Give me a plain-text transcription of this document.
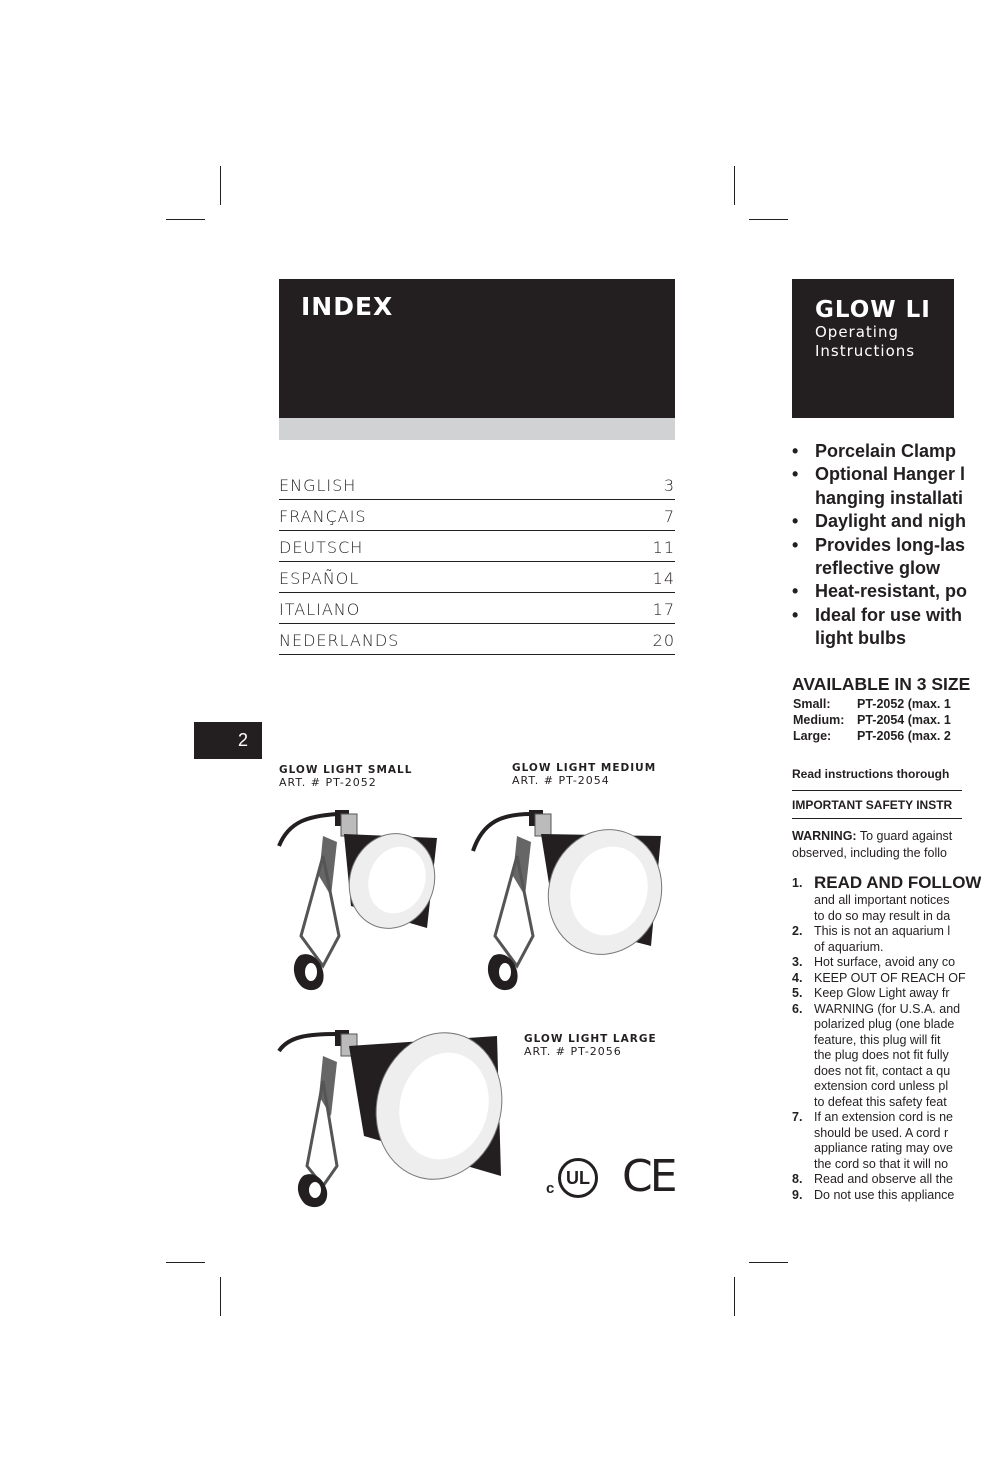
INDEX
ENGLISH	3
FRANÇAIS	7
DEUTSCH	11
ESPAÑOL	14
ITALIANO	17
NEDERLANDS	20
2
GLOW LIGHT SMALL
ART. # PT-2052
GLOW LIGHT MEDIUM
ART. # PT-2054
GLOW LIGHT LARGE
ART. # PT-2056
c
UL CE
GLOW LI
Operating
Instructions
• Porcelain Clamp
• Optional Hanger l
hanging installati
• Daylight and nigh
• Provides long-las
reflective glow
• Heat-resistant, po
• Ideal for use with
light bulbs
AVAILABLE IN 3 SIZE
Small: PT-2052 (max. 1
Medium: PT-2054 (max. 1
Large: PT-2056 (max. 2
Read instructions thorough
IMPORTANT SAFETY INSTR
WARNING: To guard against
observed, including the follo
1. READ AND FOLLOW
and all important notices
to do so may result in da
2. This is not an aquarium l
of aquarium.
3. Hot surface, avoid any co
4. KEEP OUT OF REACH OF
5. Keep Glow Light away fr
6. WARNING (for U.S.A. and
polarized plug (one blade
feature, this plug will fit
the plug does not fit fully
does not fit, contact a qu
extension cord unless pl
to defeat this safety feat
7. If an extension cord is ne
should be used. A cord r
appliance rating may ove
the cord so that it will no
8. Read and observe all the
9. Do not use this appliance
